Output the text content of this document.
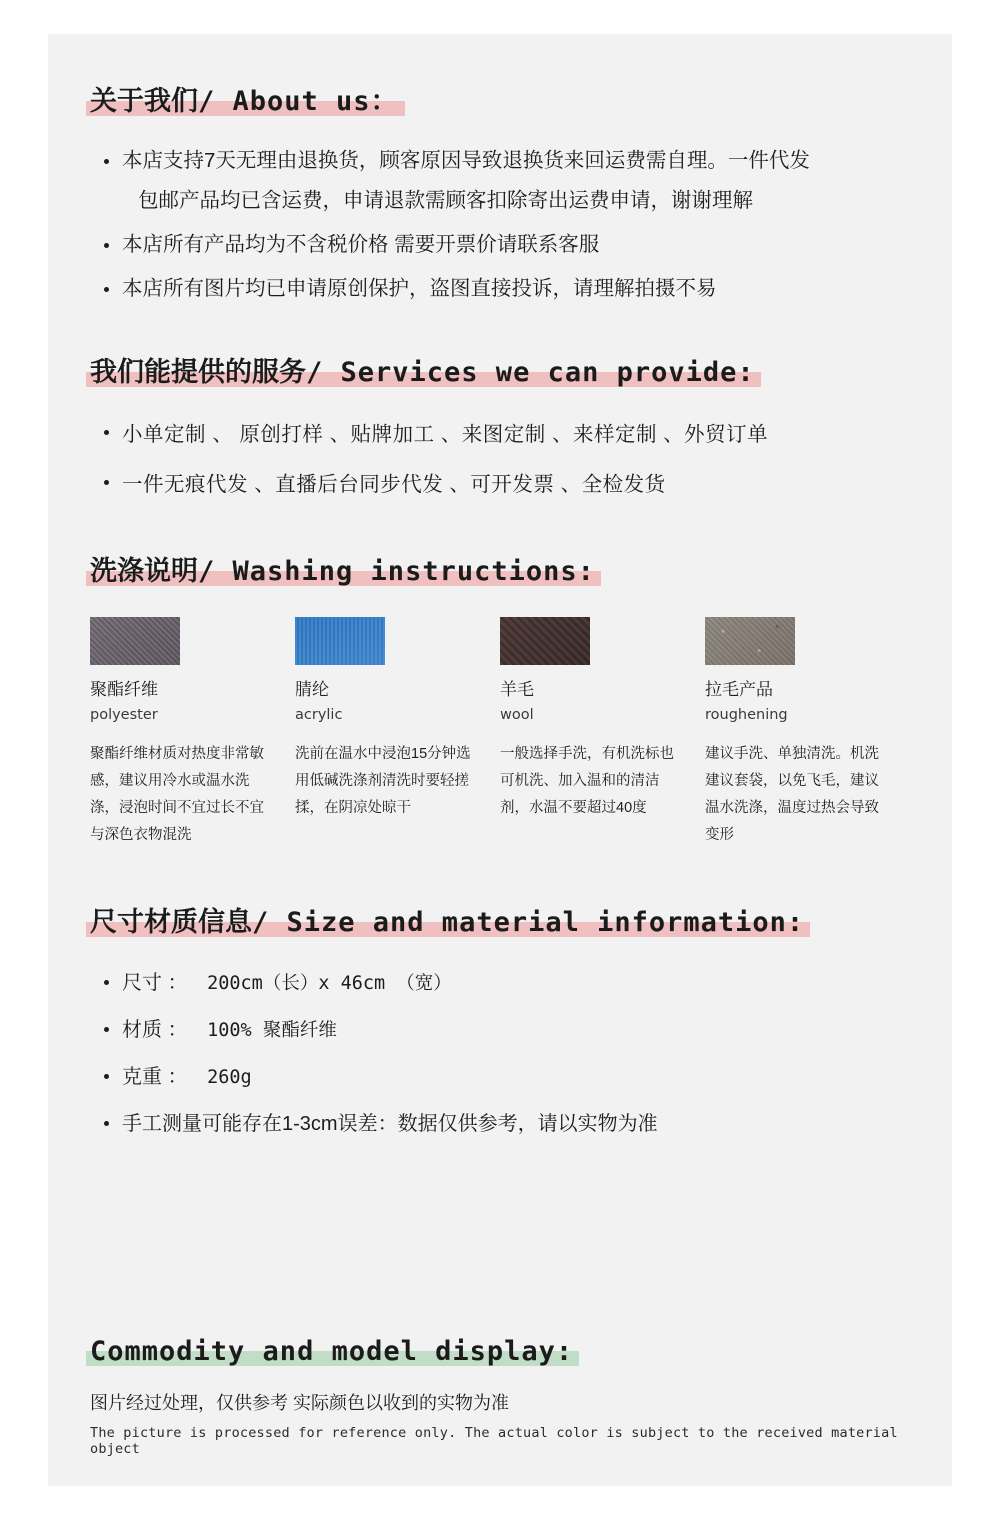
关于我们/ About us：
本店支持7天无理由退换货，顾客原因导致退换货来回运费需自理。一件代发
包邮产品均已含运费，申请退款需顾客扣除寄出运费申请，谢谢理解
本店所有产品均为不含税价格 需要开票价请联系客服
本店所有图片均已申请原创保护，盗图直接投诉，请理解拍摄不易
我们能提供的服务/ Services we can provide:
小单定制 、 原创打样 、贴牌加工 、来图定制 、来样定制 、外贸订单
一件无痕代发 、直播后台同步代发 、可开发票 、全检发货
洗涤说明/ Washing instructions:
聚酯纤维
polyester
聚酯纤维材质对热度非常敏感，建议用冷水或温水洗涤，浸泡时间不宜过长不宜与深色衣物混洗
腈纶
acrylic
洗前在温水中浸泡15分钟选用低碱洗涤剂清洗时要轻搓揉，在阴凉处晾干
羊毛
wool
一般选择手洗，有机洗标也可机洗、加入温和的清洁剂，水温不要超过40度
拉毛产品
roughening
建议手洗、单独清洗。机洗建议套袋，以免飞毛，建议温水洗涤，温度过热会导致变形
尺寸材质信息/ Size and material information:
尺寸 ： 200cm（长）x 46cm （宽）
材质 ： 100% 聚酯纤维
克重 ： 260g
手工测量可能存在1-3cm误差：数据仅供参考，请以实物为准
Commodity and model display:
图片经过处理，仅供参考 实际颜色以收到的实物为准
The picture is processed for reference only. The actual color is subject to the received material object
